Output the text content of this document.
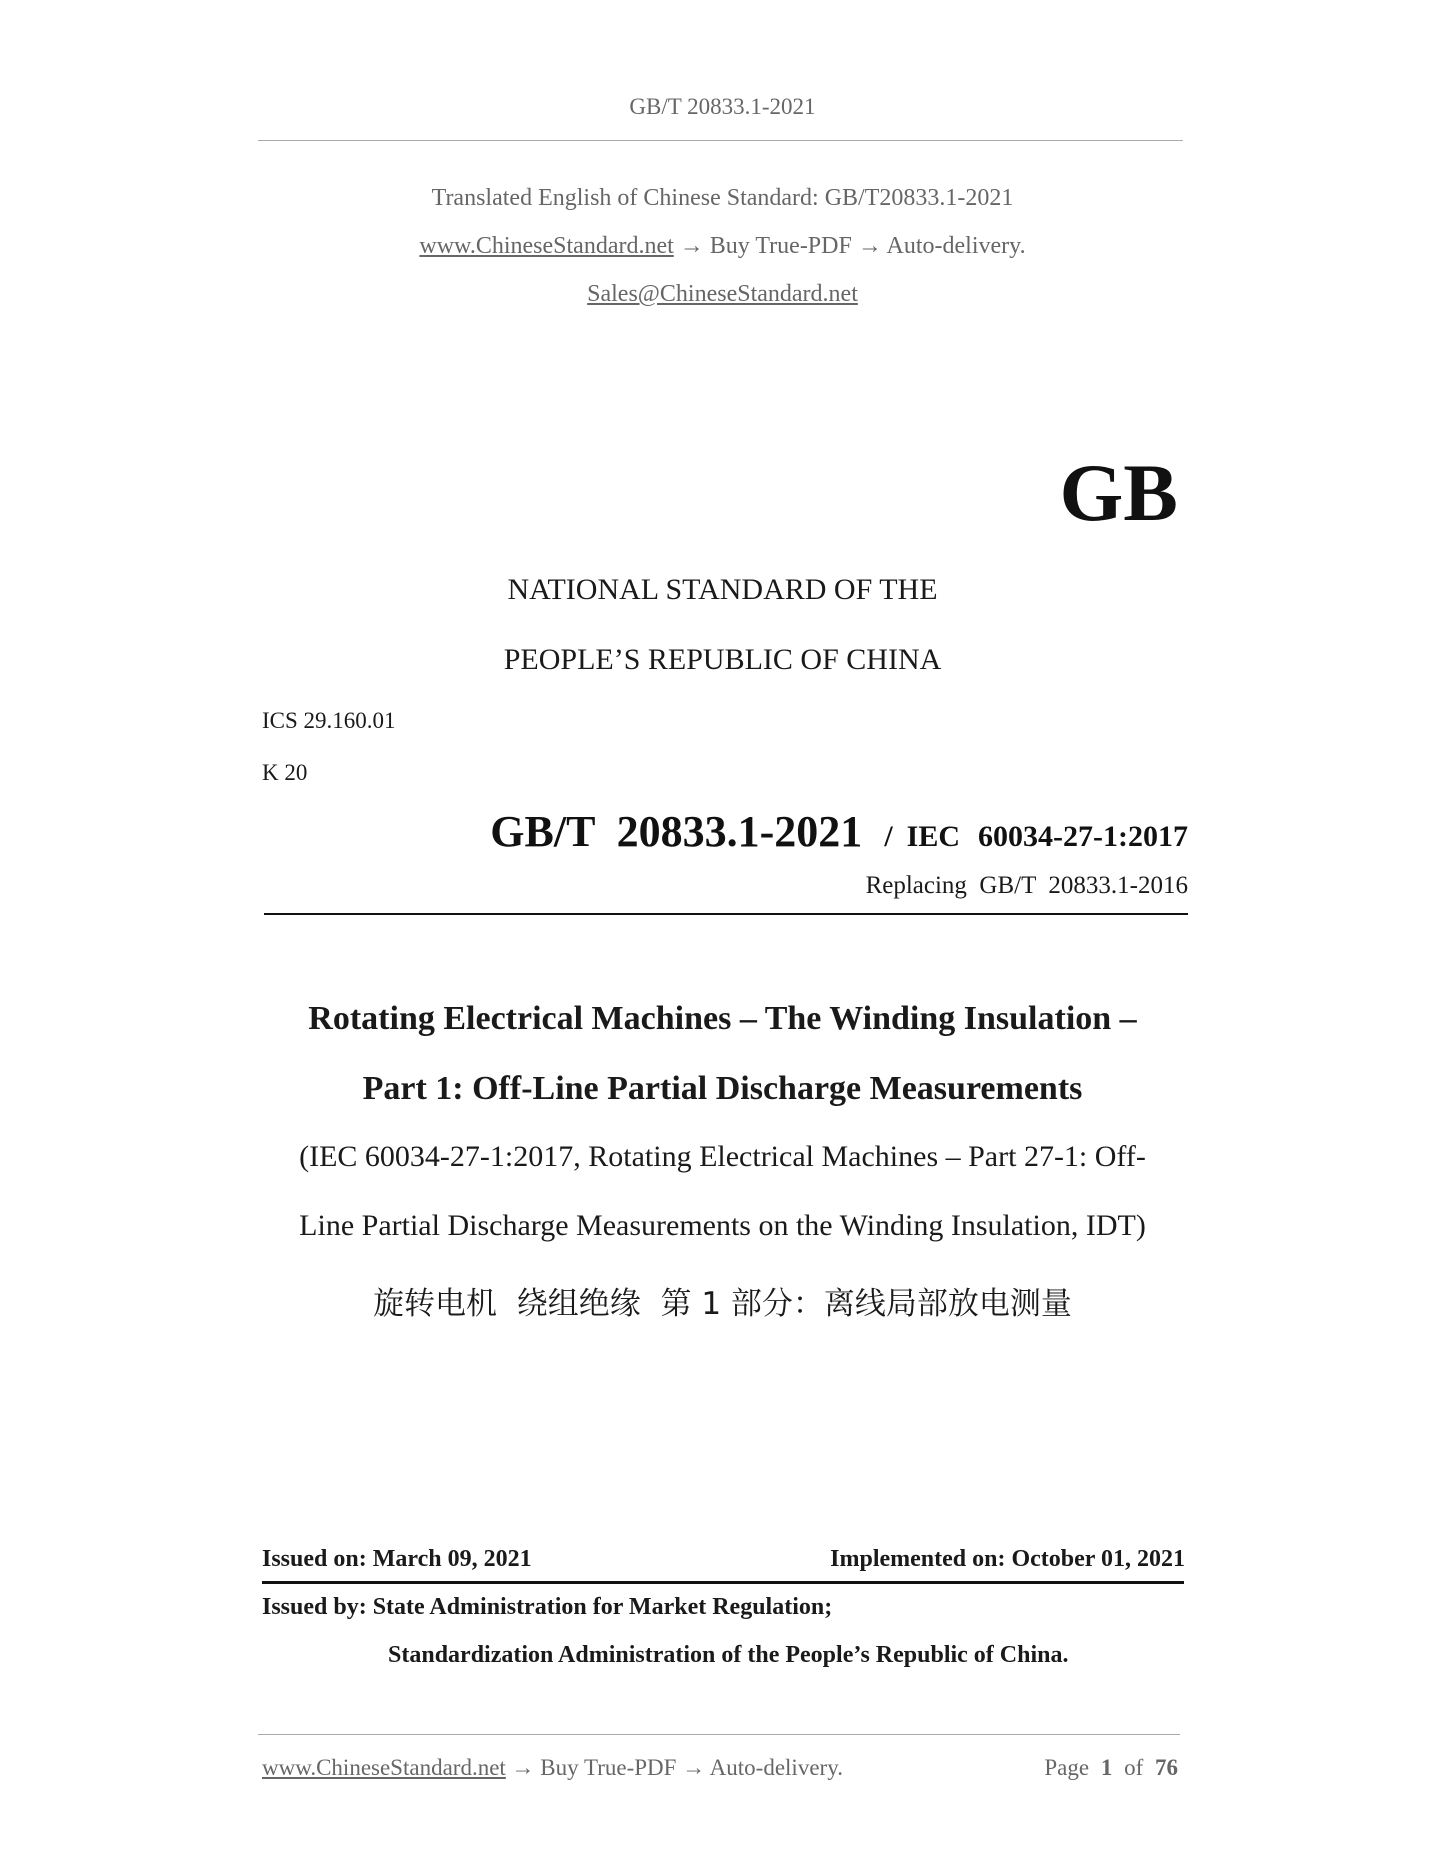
GB/T 20833.1-2021
Translated English of Chinese Standard: GB/T20833.1-2021
www.ChineseStandard.net → Buy True-PDF → Auto-delivery.
Sales@ChineseStandard.net
GB
NATIONAL STANDARD OF THE
PEOPLE’S REPUBLIC OF CHINA
ICS 29.160.01
K 20
GB/T  20833.1-2021 / IEC 60034-27-1:2017
Replacing  GB/T  20833.1-2016
Rotating Electrical Machines – The Winding Insulation –
Part 1: Off-Line Partial Discharge Measurements
(IEC 60034-27-1:2017, Rotating Electrical Machines – Part 27-1: Off-
Line Partial Discharge Measurements on the Winding Insulation, IDT)
旋转电机  绕组绝缘  第 1 部分：离线局部放电测量
Issued on: March 09, 2021	Implemented on: October 01, 2021
Issued by: State Administration for Market Regulation;
Standardization Administration of the People’s Republic of China.
www.ChineseStandard.net → Buy True-PDF → Auto-delivery.	Page 1 of 76
